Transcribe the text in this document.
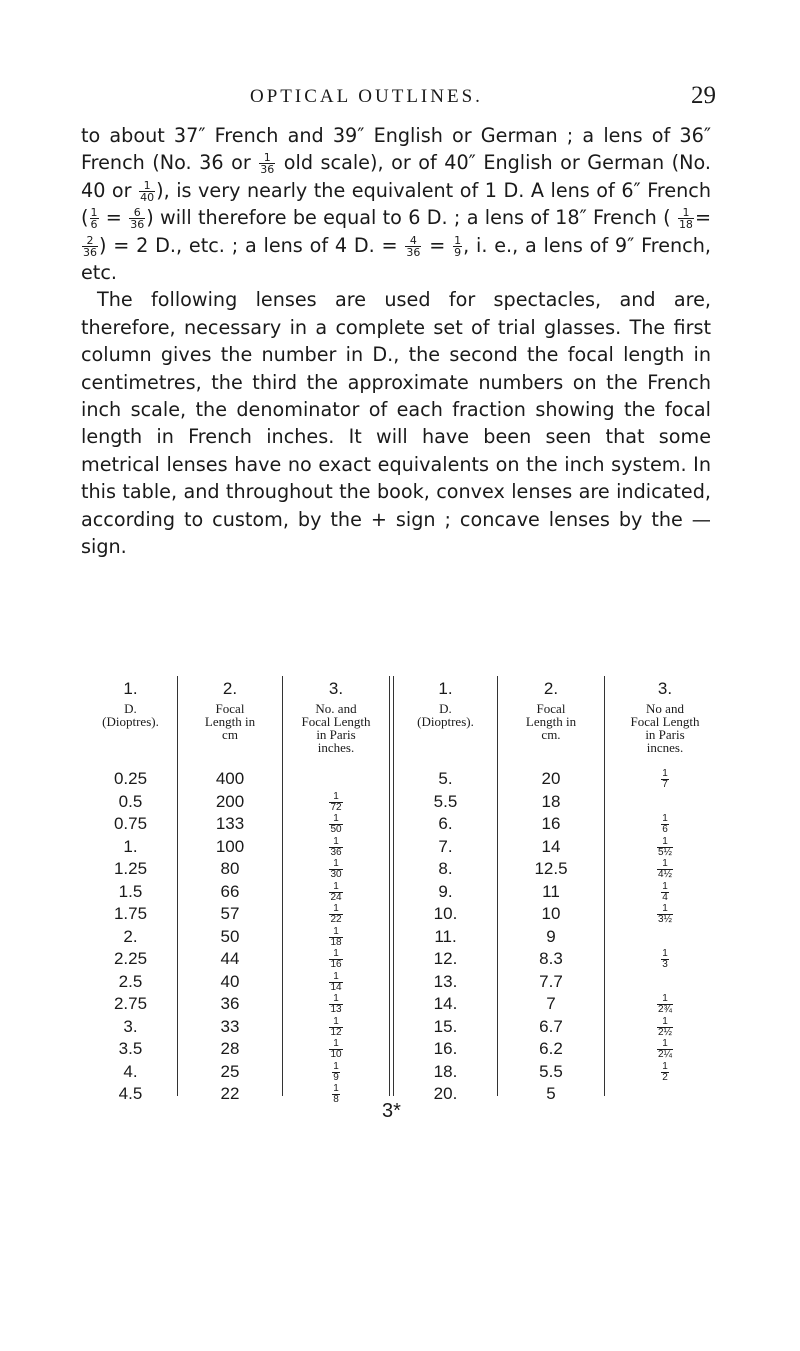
OPTICAL OUTLINES.	29

to about 37″ French and 39″ English or German ; a lens of 36″ French (No. 36 or $\frac{1}{36}$ old scale), or of 40″ English or German (No. 40 or $\frac{1}{40}$ ), is very nearly the equivalent of 1 D. A lens of 6″ French ( $\frac{1}{6} = \frac{6}{36}$ ) will therefore be equal to 6 D. ; a lens of 18″ French ( $\frac{1}{18}$ =
$\frac{2}{36}$ ) = 2 D., etc. ; a lens of 4 D. = $\frac{4}{36} = \frac{1}{9}$ , i. e., a lens of 9″ French, etc.

The following lenses are used for spectacles, and are, therefore, necessary in a complete set of trial glasses. The first column gives the number in D., the second the focal length in centimetres, the third the approximate numbers on the French inch scale, the denominator of each fraction showing the focal length in French inches. It will have been seen that some metrical lenses have no exact equivalents on the inch system. In this table, and throughout the book, convex lenses are indicated, according to custom, by the + sign ; concave lenses by the — sign.

1.
D.
(Dioptres).
0.25
0.5
0.75
1.
1.25
1.5
1.75
2.
2.25
2.5
2.75
3.
3.5
4.
4.5
2.
Focal
Length in
cm
400
200
133
100
80
66
57
50
44
40
36
33
28
25
22
3.
No. and
Focal Length
in Paris
inches.

$\frac{1}{72}$
$\frac{1}{50}$
$\frac{1}{36}$
$\frac{1}{30}$
$\frac{1}{24}$
$\frac{1}{22}$
$\frac{1}{18}$
$\frac{1}{16}$
$\frac{1}{14}$
$\frac{1}{13}$
$\frac{1}{12}$
$\frac{1}{10}$
$\frac{1}{9}$
$\frac{1}{8}$
1.
D.
(Dioptres).
5.
5.5
6.
7.
8.
9.
10.
11.
12.
13.
14.
15.
16.
18.
20.
2.
Focal
Length in
cm.
20
18
16
14
12.5
11
10
9
8.3
7.7
7
6.7
6.2
5.5
5
3.
No and
Focal Length
in Paris
incnes.
$\frac{1}{7}$

$\frac{1}{6}$
$\frac{1}{\text{5½}}$
$\frac{1}{\text{4½}}$
$\frac{1}{4}$
$\frac{1}{\text{3½}}$

$\frac{1}{3}$

$\frac{1}{\text{2¾}}$
$\frac{1}{\text{2½}}$
$\frac{1}{\text{2¼}}$
$\frac{1}{2}$

3*
